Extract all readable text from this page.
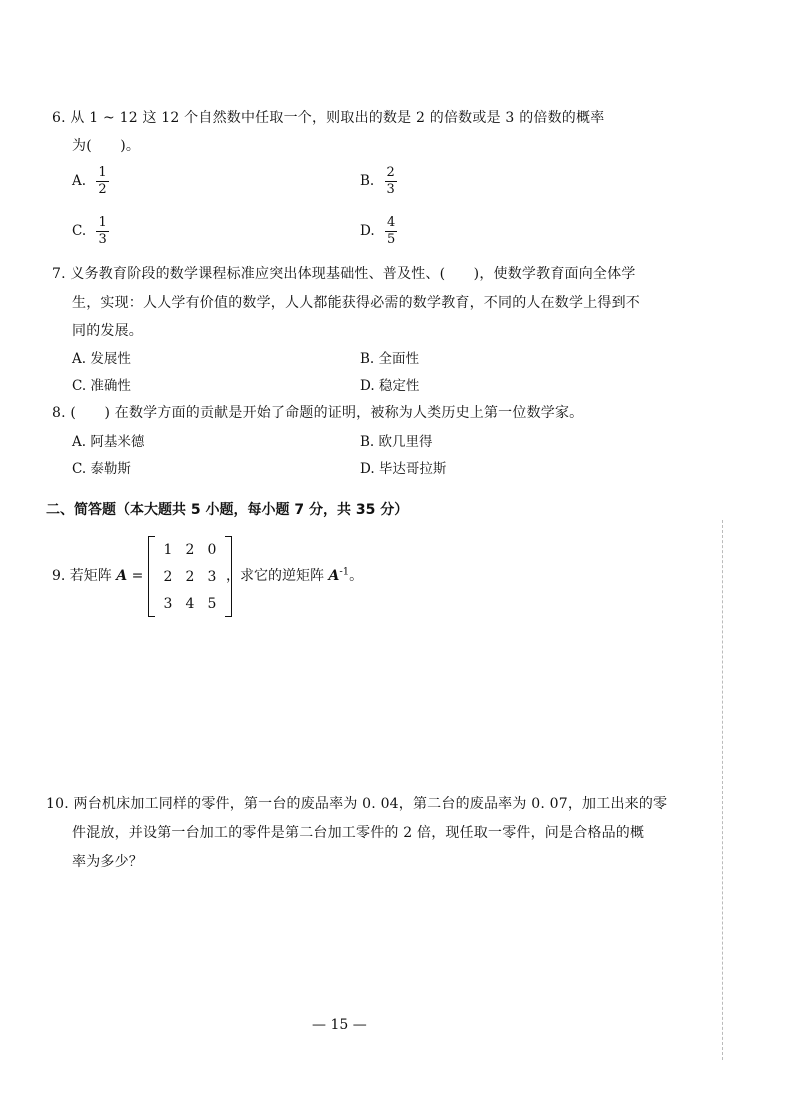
6. 从 1 ~ 12 这 12 个自然数中任取一个，则取出的数是 2 的倍数或是 3 的倍数的概率
为(　　)。
A. $\frac{1}{2}$	B. $\frac{2}{3}$
C. $\frac{1}{3}$	D. $\frac{4}{5}$
7. 义务教育阶段的数学课程标准应突出体现基础性、普及性、(　　)，使数学教育面向全体学
生，实现：人人学有价值的数学，人人都能获得必需的数学教育，不同的人在数学上得到不
同的发展。
A. 发展性	B. 全面性
C. 准确性	D. 稳定性
8. (　　) 在数学方面的贡献是开始了命题的证明，被称为人类历史上第一位数学家。
A. 阿基米德	B. 欧几里得
C. 泰勒斯	D. 毕达哥拉斯
二、简答题（本大题共 5 小题，每小题 7 分，共 35 分）
9. 若矩阵 A =
1 2 0
2 2 3
3 4 5
，求它的逆矩阵 $A^{-1}$。
10. 两台机床加工同样的零件，第一台的废品率为 0. 04，第二台的废品率为 0. 07，加工出来的零
件混放，并设第一台加工的零件是第二台加工零件的 2 倍，现任取一零件，问是合格品的概
率为多少？
— 15 —
